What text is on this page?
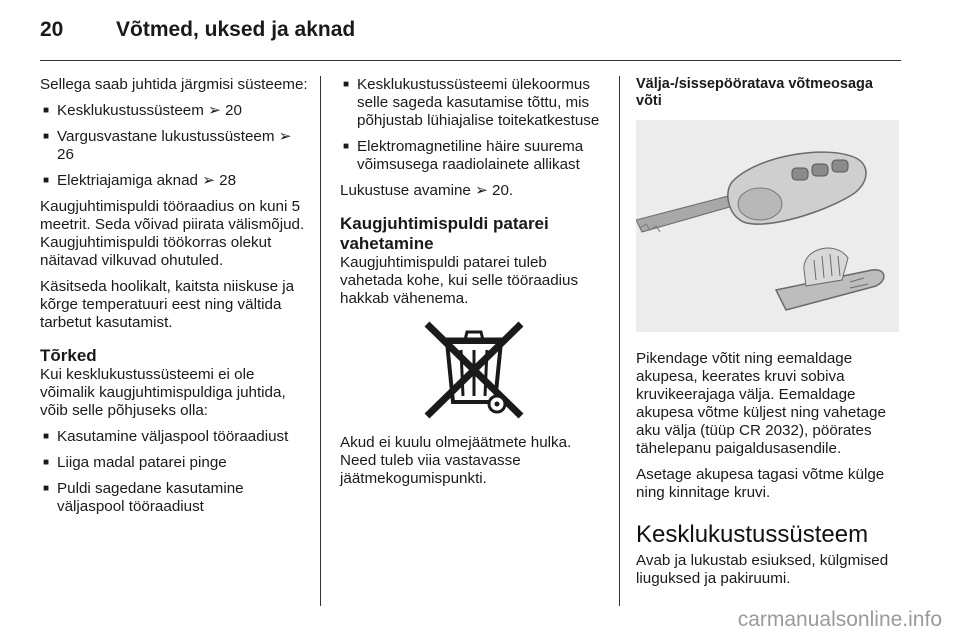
20	Võtmed, uksed ja aknad

Sellega saab juhtida järgmisi süsteeme:

■ Kesklukustussüsteem ➢ 20
■ Vargusvastane lukustussüsteem ➢ 26
■ Elektriajamiga aknad ➢ 28

Kaugjuhtimispuldi tööraadius on kuni 5 meetrit. Seda võivad piirata välismõjud. Kaugjuhtimispuldi töökorras olekut näitavad vilkuvad ohutuled.

Käsitseda hoolikalt, kaitsta niiskuse ja kõrge temperatuuri eest ning vältida tarbetut kasutamist.

Tõrked

Kui kesklukustussüsteemi ei ole võimalik kaugjuhtimispuldiga juhtida, võib selle põhjuseks olla:

■ Kasutamine väljaspool tööraadiust
■ Liiga madal patarei pinge
■ Puldi sagedane kasutamine väljaspool tööraadiust
■ Kesklukustussüsteemi ülekoormus selle sageda kasutamise tõttu, mis põhjustab lühiajalise toitekatkestuse
■ Elektromagnetiline häire suurema võimsusega raadiolainete allikast

Lukustuse avamine ➢ 20.

Kaugjuhtimispuldi patarei vahetamine

Kaugjuhtimispuldi patarei tuleb vahetada kohe, kui selle tööraadius hakkab vähenema.

Akud ei kuulu olmejäätmete hulka. Need tuleb viia vastavasse jäätmekogumispunkti.

Välja-/sissepööratava võtmeosaga võti

Pikendage võtit ning eemaldage akupesa, keerates kruvi sobiva kruvikeerajaga välja. Eemaldage akupesa võtme küljest ning vahetage aku välja (tüüp CR 2032), pöörates tähelepanu paigaldusasendile.

Asetage akupesa tagasi võtme külge ning kinnitage kruvi.

Kesklukustussüsteem

Avab ja lukustab esiuksed, külgmised liuguksed ja pakiruumi.

carmanualsonline.info
